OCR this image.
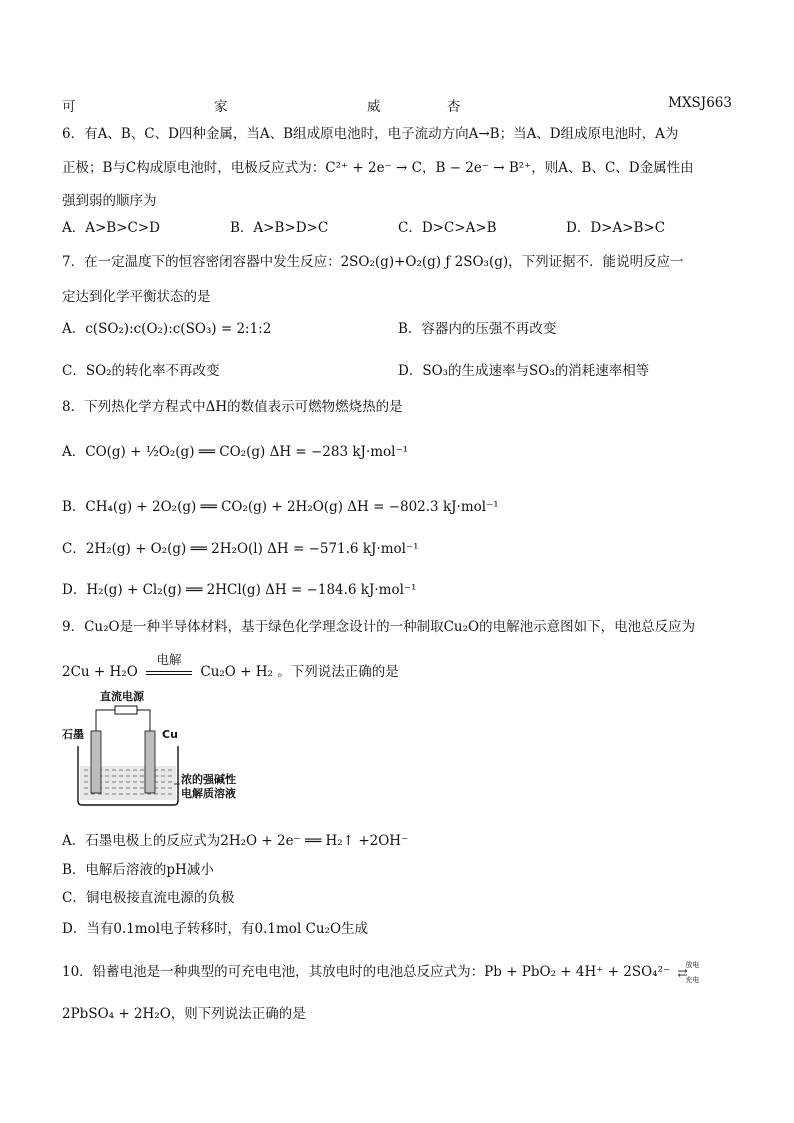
可	家	威	杏	MXSJ663
6．有A、B、C、D四种金属，当A、B组成原电池时，电子流动方向A→B；当A、D组成原电池时，A为
正极；B与C构成原电池时，电极反应式为：C²⁺ + 2e⁻ → C，B − 2e⁻ → B²⁺，则A、B、C、D金属性由
强到弱的顺序为
A．A>B>C>D	B．A>B>D>C	C．D>C>A>B	D．D>A>B>C
7．在一定温度下的恒容密闭容器中发生反应：2SO₂(g)+O₂(g) ƒ 2SO₃(g)，下列证据不．能说明反应一
定达到化学平衡状态的是
A．c(SO₂):c(O₂):c(SO₃) = 2:1:2	B．容器内的压强不再改变
C．SO₂的转化率不再改变	D．SO₃的生成速率与SO₃的消耗速率相等
8．下列热化学方程式中ΔH的数值表示可燃物燃烧热的是
A．CO(g) + ½O₂(g) ══ CO₂(g) ΔH = −283 kJ·mol⁻¹
B．CH₄(g) + 2O₂(g) ══ CO₂(g) + 2H₂O(g) ΔH = −802.3 kJ·mol⁻¹
C．2H₂(g) + O₂(g) ══ 2H₂O(l) ΔH = −571.6 kJ·mol⁻¹
D．H₂(g) + Cl₂(g) ══ 2HCl(g) ΔH = −184.6 kJ·mol⁻¹
9．Cu₂O是一种半导体材料，基于绿色化学理念设计的一种制取Cu₂O的电解池示意图如下，电池总反应为
2Cu + H₂O
电解
Cu₂O + H₂ 。下列说法正确的是
直流电源
石墨	Cu
浓的强碱性
电解质溶液
A．石墨电极上的反应式为2H₂O + 2e⁻ ══ H₂↑ +2OH⁻
B．电解后溶液的pH减小
C．铜电极接直流电源的负极
D．当有0.1mol电子转移时，有0.1mol Cu₂O生成
10．铅蓄电池是一种典型的可充电电池，其放电时的电池总反应式为：Pb + PbO₂ + 4H⁺ + 2SO₄²⁻ 放电
⇄
充电
2PbSO₄ + 2H₂O，则下列说法正确的是
